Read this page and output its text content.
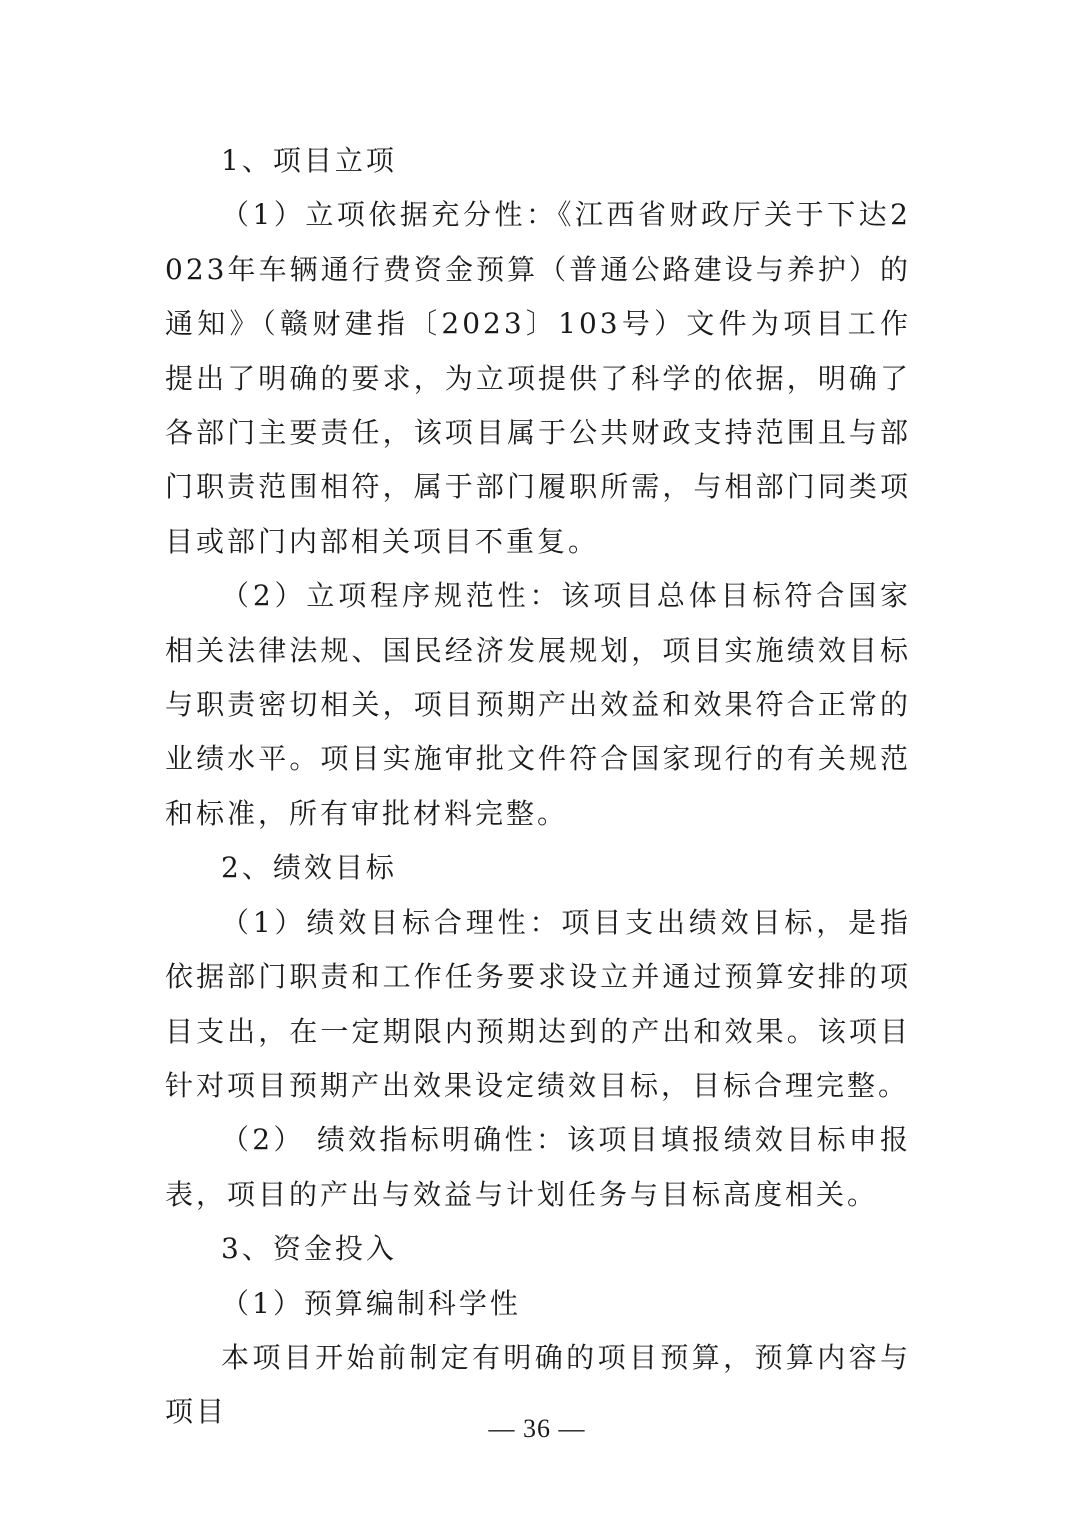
1、项目立项

（1）立项依据充分性：《江西省财政厅关于下达2023年车辆通行费资金预算（普通公路建设与养护）的通知》（赣财建指〔2023〕103号）文件为项目工作提出了明确的要求，为立项提供了科学的依据，明确了各部门主要责任，该项目属于公共财政支持范围且与部门职责范围相符，属于部门履职所需，与相部门同类项目或部门内部相关项目不重复。

（2）立项程序规范性：该项目总体目标符合国家相关法律法规、国民经济发展规划，项目实施绩效目标与职责密切相关，项目预期产出效益和效果符合正常的业绩水平。项目实施审批文件符合国家现行的有关规范和标准，所有审批材料完整。

2、绩效目标

（1）绩效目标合理性：项目支出绩效目标，是指依据部门职责和工作任务要求设立并通过预算安排的项目支出，在一定期限内预期达到的产出和效果。该项目针对项目预期产出效果设定绩效目标，目标合理完整。

（2） 绩效指标明确性：该项目填报绩效目标申报表，项目的产出与效益与计划任务与目标高度相关。

3、资金投入

（1）预算编制科学性

本项目开始前制定有明确的项目预算，预算内容与项目

— 36 —
